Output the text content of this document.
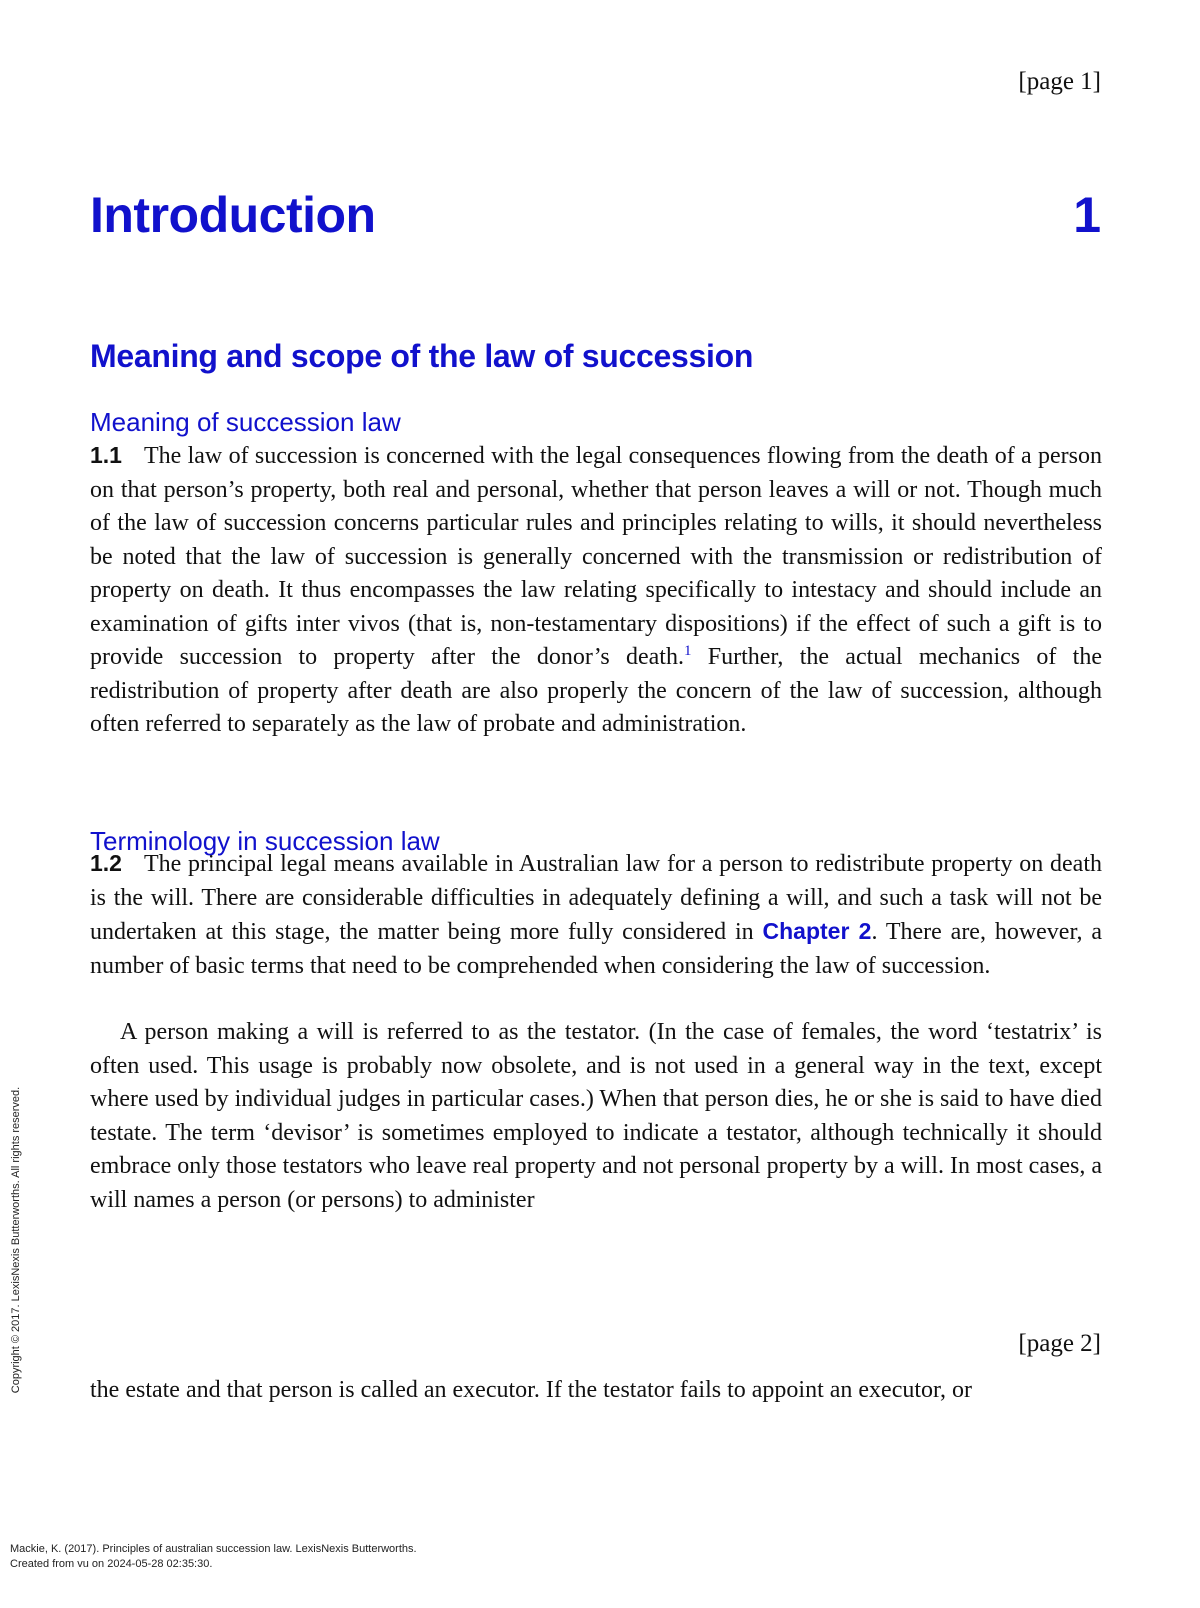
[page 1]
Introduction	1
Meaning and scope of the law of succession
Meaning of succession law

1.1 The law of succession is concerned with the legal consequences flowing from the death of a person on that person’s property, both real and personal, whether that person leaves a will or not. Though much of the law of succession concerns particular rules and principles relating to wills, it should nevertheless be noted that the law of succession is generally concerned with the transmission or redistribution of property on death. It thus encompasses the law relating specifically to intestacy and should include an examination of gifts inter vivos (that is, non-testamentary dispositions) if the effect of such a gift is to provide succession to property after the donor’s death.$^1$ Further, the actual mechanics of the redistribution of property after death are also properly the concern of the law of succession, although often referred to separately as the law of probate and administration.

Terminology in succession law

1.2 The principal legal means available in Australian law for a person to redistribute property on death is the will. There are considerable difficulties in adequately defining a will, and such a task will not be undertaken at this stage, the matter being more fully considered in Chapter 2. There are, however, a number of basic terms that need to be comprehended when considering the law of succession.

A person making a will is referred to as the testator. (In the case of females, the word ‘testatrix’ is often used. This usage is probably now obsolete, and is not used in a general way in the text, except where used by individual judges in particular cases.) When that person dies, he or she is said to have died testate. The term ‘devisor’ is sometimes employed to indicate a testator, although technically it should embrace only those testators who leave real property and not personal property by a will. In most cases, a will names a person (or persons) to administer

[page 2]

the estate and that person is called an executor. If the testator fails to appoint an executor, or

Copyright © 2017. LexisNexis Butterworths. All rights reserved.
Mackie, K. (2017). Principles of australian succession law. LexisNexis Butterworths.
Created from vu on 2024-05-28 02:35:30.
